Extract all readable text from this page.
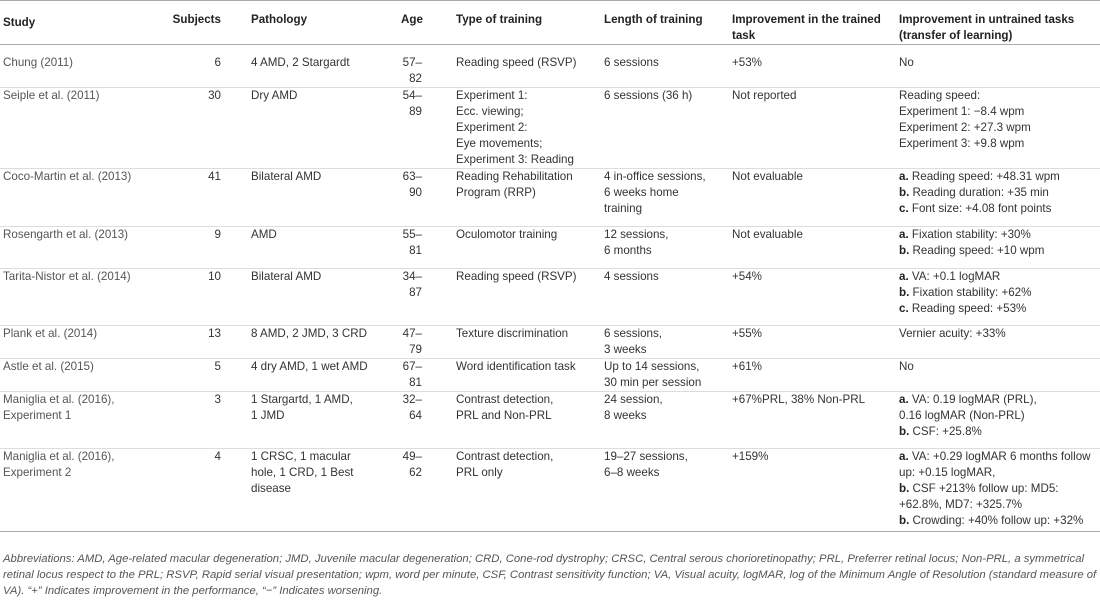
Study	Subjects	Pathology	Age	Type of training	Length of training	Improvement in the trained task	Improvement in untrained tasks (transfer of learning)
Chung (2011)	6	4 AMD, 2 Stargardt	57–82	Reading speed (RSVP)	6 sessions	+53%	No

Seiple et al. (2011)	30	Dry AMD	54–89	Experiment 1:
Ecc. viewing;
Experiment 2:
Eye movements;
Experiment 3: Reading	6 sessions (36 h)	Not reported	Reading speed:
Experiment 1: −8.4 wpm
Experiment 2: +27.3 wpm
Experiment 3: +9.8 wpm

Coco-Martin et al. (2013)	41	Bilateral AMD	63–90	Reading Rehabilitation
Program (RRP)	4 in-office sessions,
6 weeks home
training	Not evaluable	a. Reading speed: +48.31 wpm
b. Reading duration: +35 min
c. Font size: +4.08 font points

Rosengarth et al. (2013)	9	AMD	55–81	Oculomotor training	12 sessions,
6 months	Not evaluable	a. Fixation stability: +30%
b. Reading speed: +10 wpm

Tarita-Nistor et al. (2014)	10	Bilateral AMD	34–87	Reading speed (RSVP)	4 sessions	+54%	a. VA: +0.1 logMAR
b. Fixation stability: +62%
c. Reading speed: +53%

Plank et al. (2014)	13	8 AMD, 2 JMD, 3 CRD	47–79	Texture discrimination	6 sessions,
3 weeks	+55%	Vernier acuity: +33%

Astle et al. (2015)	5	4 dry AMD, 1 wet AMD	67–81	Word identification task	Up to 14 sessions,
30 min per session	+61%	No

Maniglia et al. (2016),
Experiment 1	3	1 Stargartd, 1 AMD,
1 JMD	32–64	Contrast detection,
PRL and Non-PRL	24 session,
8 weeks	+67%PRL, 38% Non-PRL	a. VA: 0.19 logMAR (PRL),
0.16 logMAR (Non-PRL)
b. CSF: +25.8%

Maniglia et al. (2016),
Experiment 2	4	1 CRSC, 1 macular
hole, 1 CRD, 1 Best
disease	49–62	Contrast detection,
PRL only	19–27 sessions,
6–8 weeks	+159%	a. VA: +0.29 logMAR 6 months follow
up: +0.15 logMAR,
b. CSF +213% follow up: MD5:
+62.8%, MD7: +325.7%
b. Crowding: +40% follow up: +32%
Abbreviations: AMD, Age-related macular degeneration; JMD, Juvenile macular degeneration; CRD, Cone-rod dystrophy; CRSC, Central serous chorioretinopathy; PRL, Preferrer retinal locus; Non-PRL, a symmetrical retinal locus respect to the PRL; RSVP, Rapid serial visual presentation; wpm, word per minute, CSF, Contrast sensitivity function; VA, Visual acuity, logMAR, log of the Minimum Angle of Resolution (standard measure of VA). “+” Indicates improvement in the performance, “−” Indicates worsening.
